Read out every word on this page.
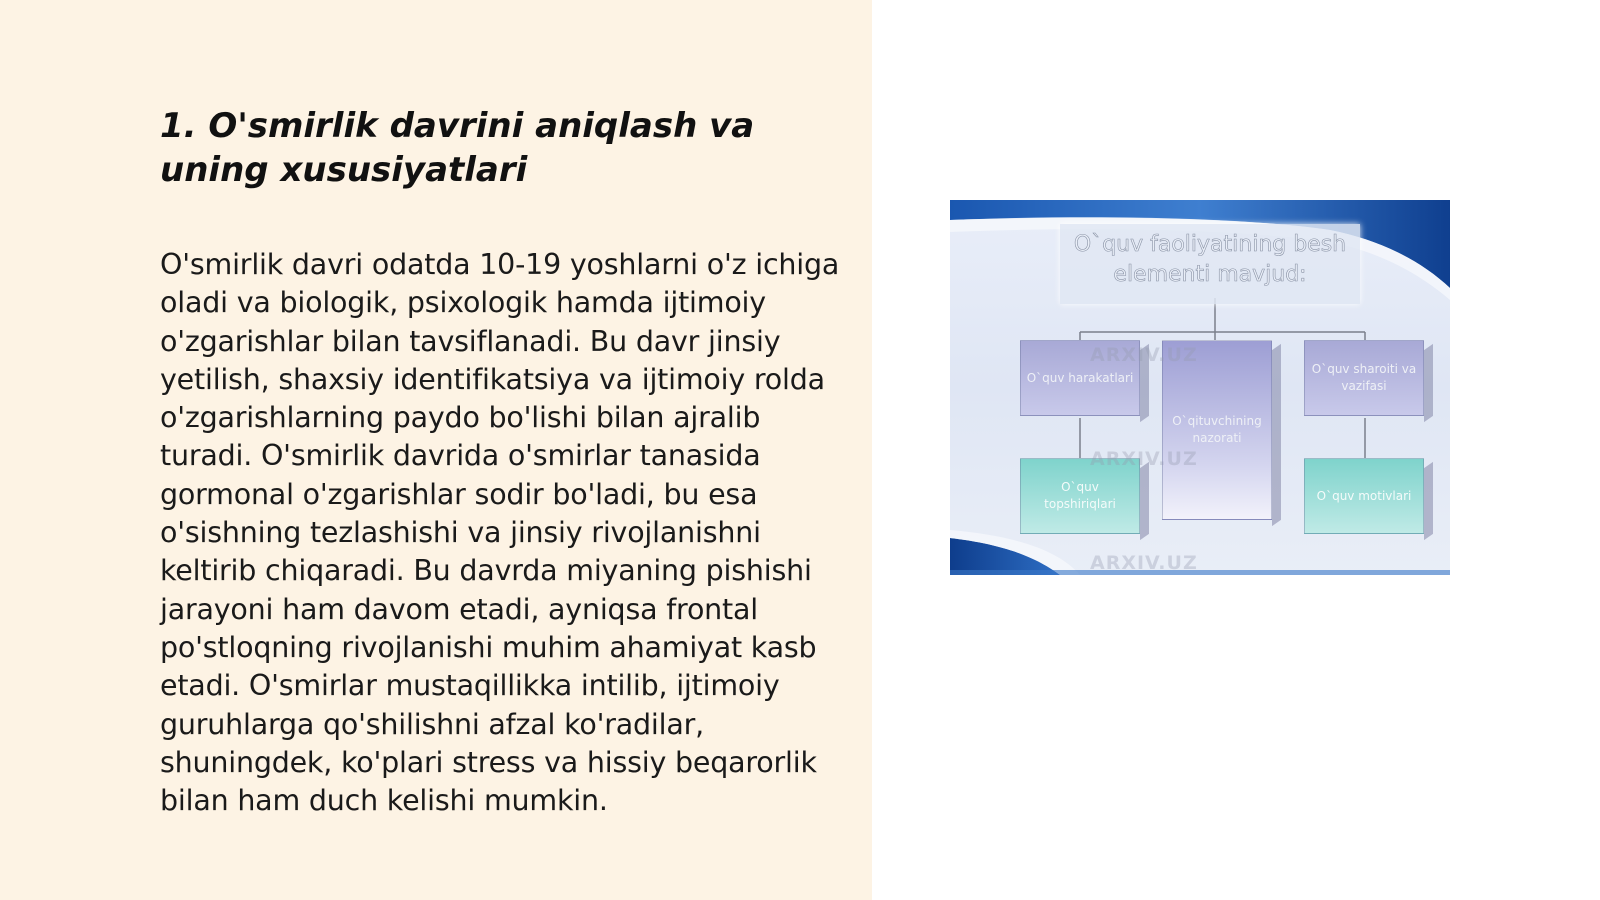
1. O'smirlik davrini aniqlash va uning xususiyatlari

O'smirlik davri odatda 10-19 yoshlarni o'z ichiga oladi va biologik, psixologik hamda ijtimoiy o'zgarishlar bilan tavsiflanadi. Bu davr jinsiy yetilish, shaxsiy identifikatsiya va ijtimoiy rolda o'zgarishlarning paydo bo'lishi bilan ajralib turadi. O'smirlik davrida o'smirlar tanasida gormonal o'zgarishlar sodir bo'ladi, bu esa o'sishning tezlashishi va jinsiy rivojlanishni keltirib chiqaradi. Bu davrda miyaning pishishi jarayoni ham davom etadi, ayniqsa frontal po'stloqning rivojlanishi muhim ahamiyat kasb etadi. O'smirlar mustaqillikka intilib, ijtimoiy guruhlarga qo'shilishni afzal ko'radilar, shuningdek, ko'plari stress va hissiy beqarorlik bilan ham duch kelishi mumkin.

O`quv faoliyatining besh elementi mavjud:
O`quv harakatlari
O`qituvchining nazorati
O`quv sharoiti va vazifasi
O`quv topshiriqlari
O`quv motivlari
ARXIV.UZ
ARXIV.UZ
ARXIV.UZ
